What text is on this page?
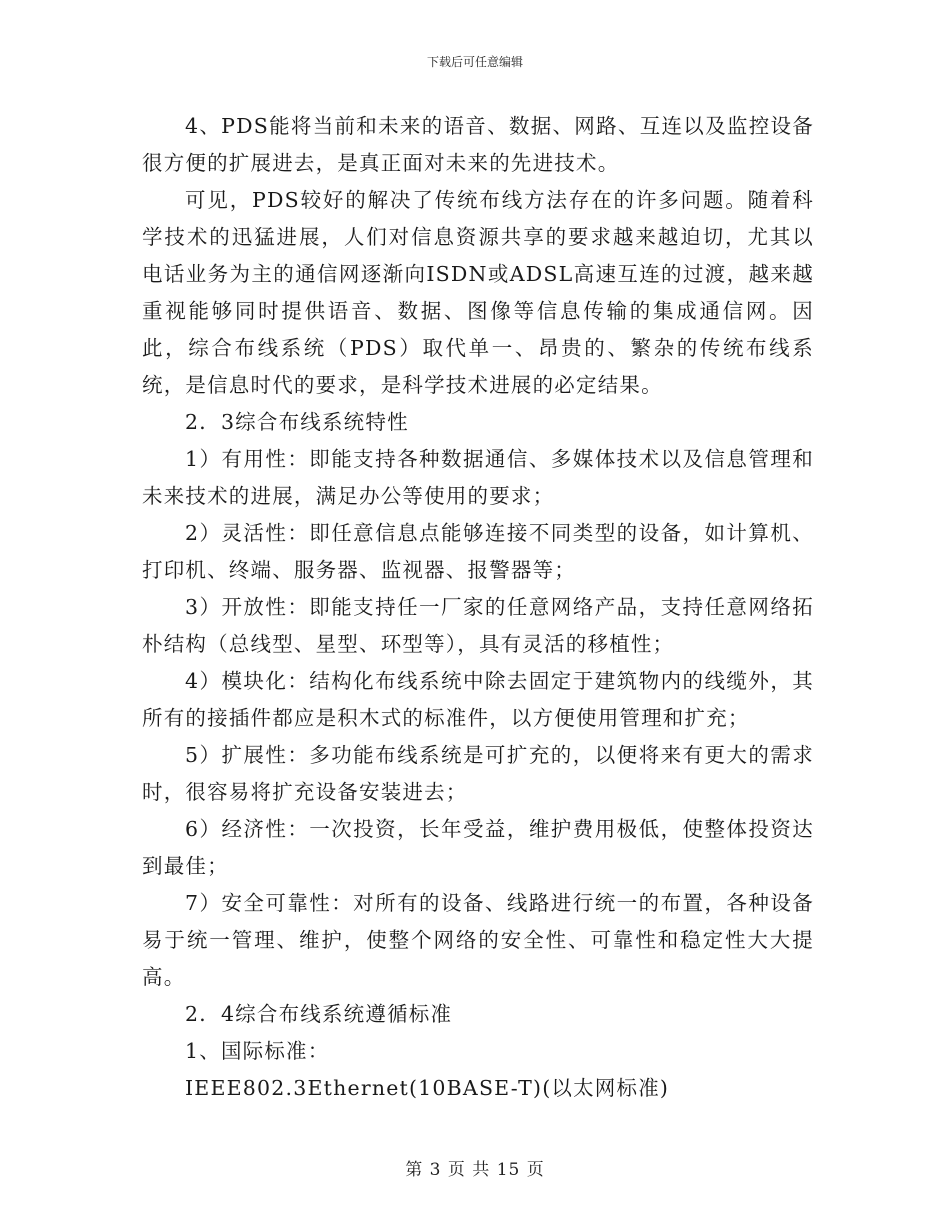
下载后可任意编辑

4、PDS能将当前和未来的语音、数据、网路、互连以及监控设备很方便的扩展进去，是真正面对未来的先进技术。

可见，PDS较好的解决了传统布线方法存在的许多问题。随着科学技术的迅猛进展，人们对信息资源共享的要求越来越迫切，尤其以电话业务为主的通信网逐渐向ISDN或ADSL高速互连的过渡，越来越重视能够同时提供语音、数据、图像等信息传输的集成通信网。因此，综合布线系统（PDS）取代单一、昂贵的、繁杂的传统布线系统，是信息时代的要求，是科学技术进展的必定结果。

2．3综合布线系统特性

1）有用性：即能支持各种数据通信、多媒体技术以及信息管理和未来技术的进展，满足办公等使用的要求；

2）灵活性：即任意信息点能够连接不同类型的设备，如计算机、打印机、终端、服务器、监视器、报警器等；

3）开放性：即能支持任一厂家的任意网络产品，支持任意网络拓朴结构（总线型、星型、环型等），具有灵活的移植性；

4）模块化：结构化布线系统中除去固定于建筑物内的线缆外，其所有的接插件都应是积木式的标准件，以方便使用管理和扩充；

5）扩展性：多功能布线系统是可扩充的，以便将来有更大的需求时，很容易将扩充设备安装进去；

6）经济性：一次投资，长年受益，维护费用极低，使整体投资达到最佳；

7）安全可靠性：对所有的设备、线路进行统一的布置，各种设备易于统一管理、维护，使整个网络的安全性、可靠性和稳定性大大提高。

2．4综合布线系统遵循标准

1、国际标准：

IEEE802.3Ethernet(10BASE-T)(以太网标准)

第 3 页 共 15 页
